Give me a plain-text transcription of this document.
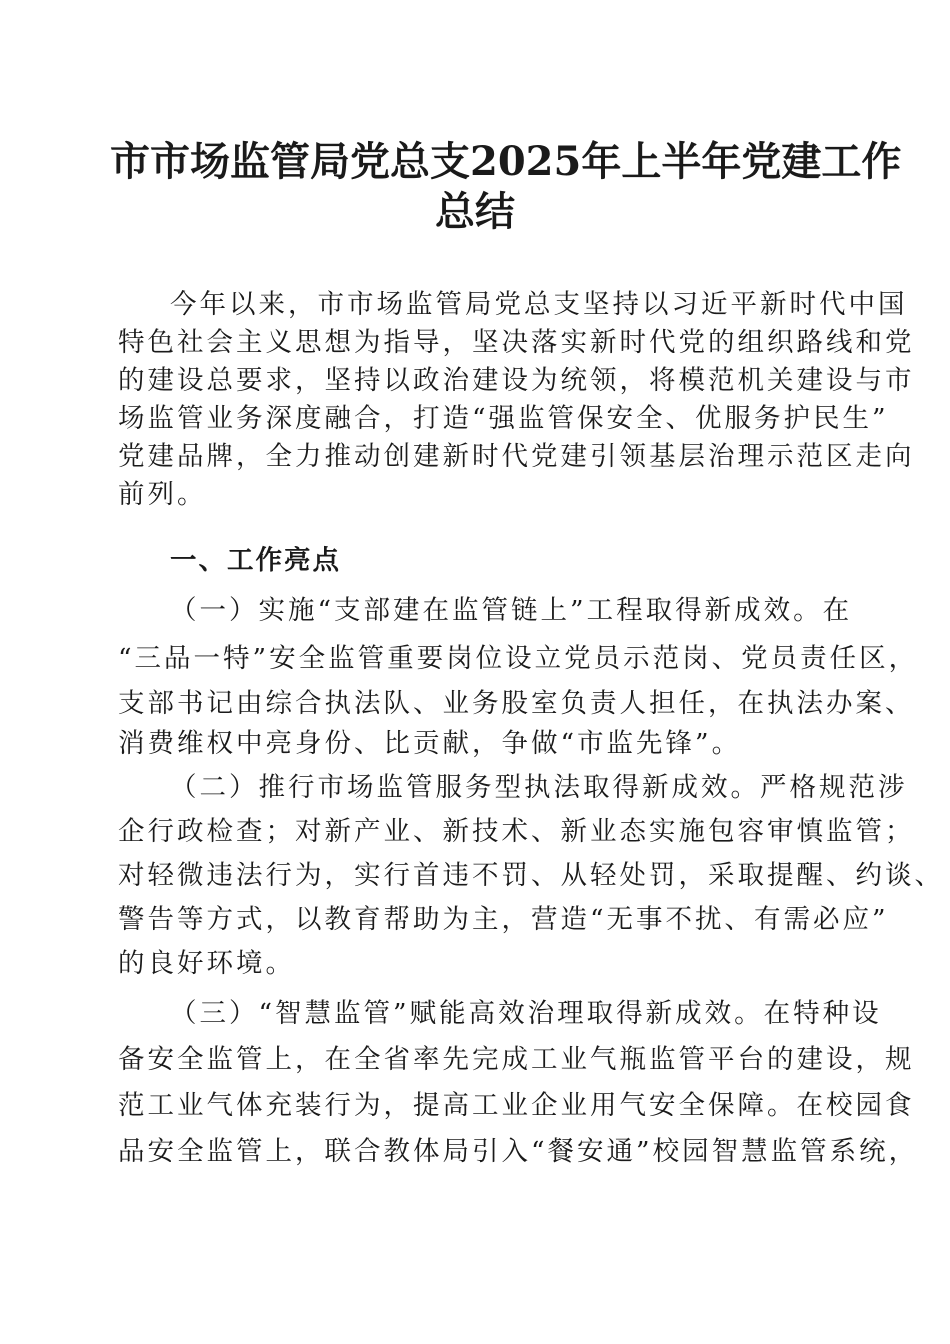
市市场监管局党总支2025年上半年党建工作
总结
今年以来，市市场监管局党总支坚持以习近平新时代中国
特色社会主义思想为指导，坚决落实新时代党的组织路线和党
的建设总要求，坚持以政治建设为统领，将模范机关建设与市
场监管业务深度融合，打造“强监管保安全、优服务护民生”
党建品牌，全力推动创建新时代党建引领基层治理示范区走向
前列。
一、工作亮点
（一）实施“支部建在监管链上”工程取得新成效。在
“三品一特”安全监管重要岗位设立党员示范岗、党员责任区，
支部书记由综合执法队、业务股室负责人担任，在执法办案、
消费维权中亮身份、比贡献，争做“市监先锋”。
（二）推行市场监管服务型执法取得新成效。严格规范涉
企行政检查；对新产业、新技术、新业态实施包容审慎监管；
对轻微违法行为，实行首违不罚、从轻处罚，采取提醒、约谈、
警告等方式，以教育帮助为主，营造“无事不扰、有需必应”
的良好环境。
（三）“智慧监管”赋能高效治理取得新成效。在特种设
备安全监管上，在全省率先完成工业气瓶监管平台的建设，规
范工业气体充装行为，提高工业企业用气安全保障。在校园食
品安全监管上，联合教体局引入“餐安通”校园智慧监管系统，
